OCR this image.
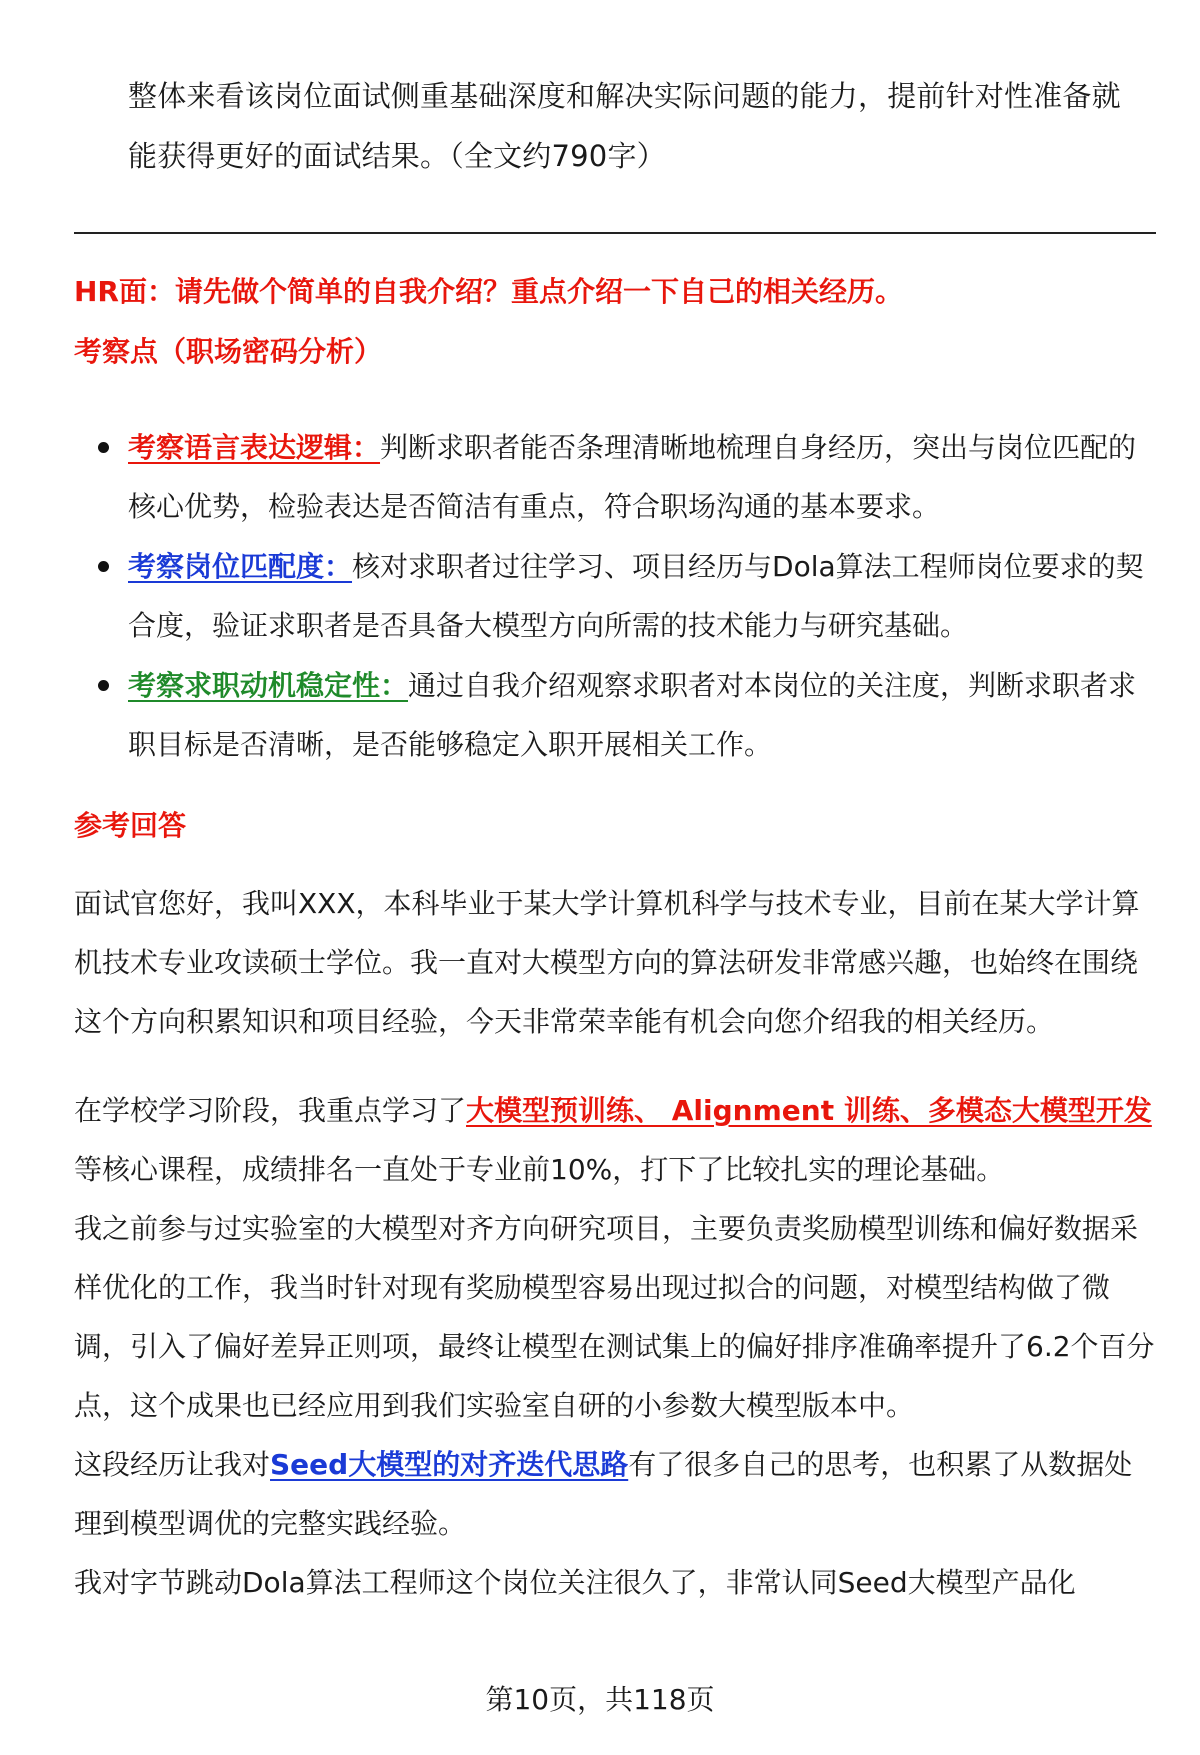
整体来看该岗位面试侧重基础深度和解决实际问题的能力，提前针对性准备就能获得更好的面试结果。（全文约790字）
HR面：请先做个简单的自我介绍？重点介绍一下自己的相关经历。
考察点（职场密码分析）
考察语言表达逻辑：判断求职者能否条理清晰地梳理自身经历，突出与岗位匹配的核心优势，检验表达是否简洁有重点，符合职场沟通的基本要求。
考察岗位匹配度：核对求职者过往学习、项目经历与Dola算法工程师岗位要求的契合度，验证求职者是否具备大模型方向所需的技术能力与研究基础。
考察求职动机稳定性：通过自我介绍观察求职者对本岗位的关注度，判断求职者求职目标是否清晰，是否能够稳定入职开展相关工作。
参考回答

面试官您好，我叫XXX，本科毕业于某大学计算机科学与技术专业，目前在某大学计算机技术专业攻读硕士学位。我一直对大模型方向的算法研发非常感兴趣，也始终在围绕这个方向积累知识和项目经验，今天非常荣幸能有机会向您介绍我的相关经历。

在学校学习阶段，我重点学习了大模型预训练、 Alignment 训练、多模态大模型开发等核心课程，成绩排名一直处于专业前10%，打下了比较扎实的理论基础。

我之前参与过实验室的大模型对齐方向研究项目，主要负责奖励模型训练和偏好数据采样优化的工作，我当时针对现有奖励模型容易出现过拟合的问题，对模型结构做了微调，引入了偏好差异正则项，最终让模型在测试集上的偏好排序准确率提升了6.2个百分点，这个成果也已经应用到我们实验室自研的小参数大模型版本中。

这段经历让我对Seed大模型的对齐迭代思路有了很多自己的思考，也积累了从数据处理到模型调优的完整实践经验。

我对字节跳动Dola算法工程师这个岗位关注很久了，非常认同Seed大模型产品化

第10页，共118页
